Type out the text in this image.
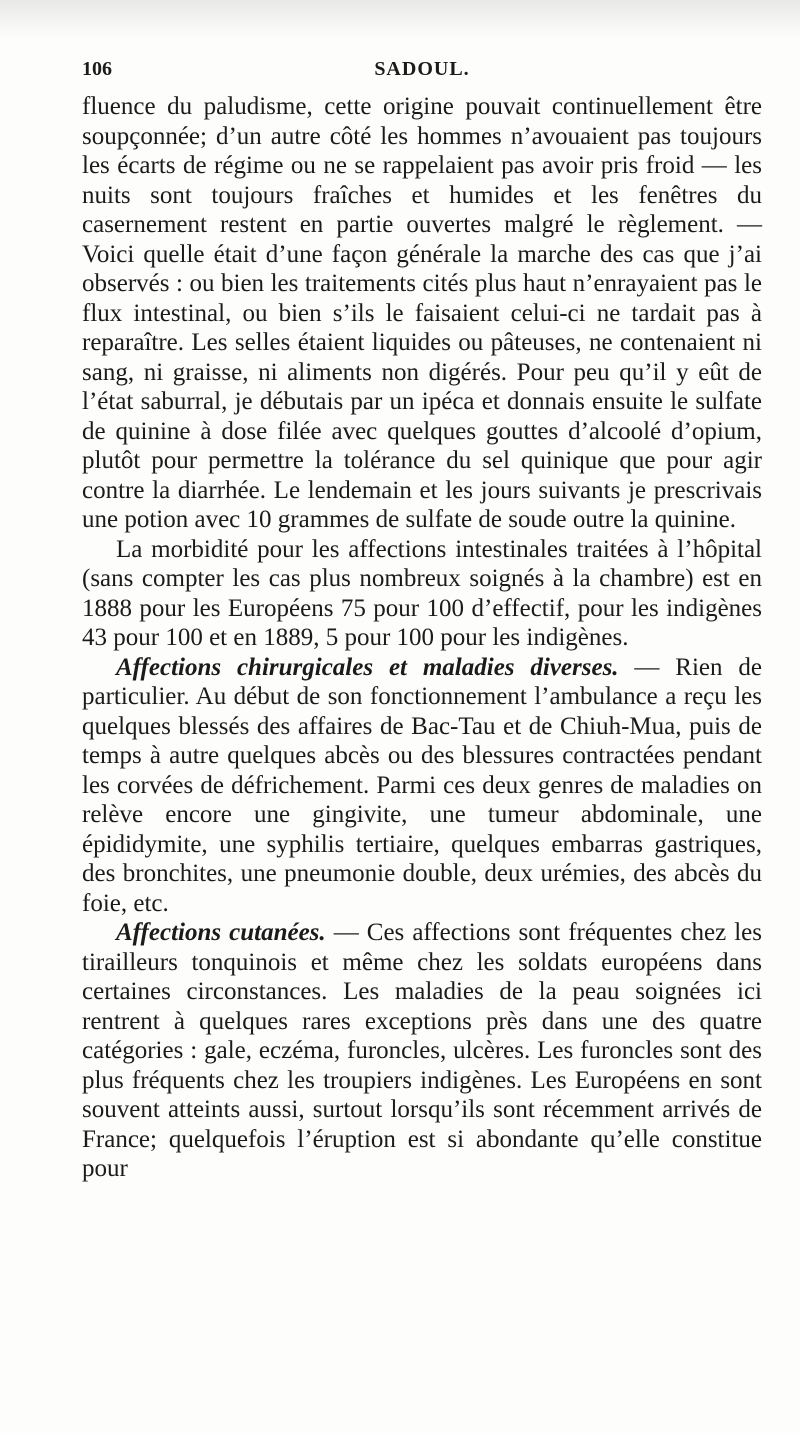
106	SADOUL.

fluence du paludisme, cette origine pouvait continuellement être soupçonnée; d’un autre côté les hommes n’avouaient pas toujours les écarts de régime ou ne se rappelaient pas avoir pris froid — les nuits sont toujours fraîches et humides et les fenêtres du casernement restent en partie ouvertes malgré le règlement. — Voici quelle était d’une façon générale la marche des cas que j’ai observés : ou bien les traitements cités plus haut n’enrayaient pas le flux intestinal, ou bien s’ils le faisaient celui-ci ne tardait pas à reparaître. Les selles étaient liquides ou pâteuses, ne contenaient ni sang, ni graisse, ni aliments non digérés. Pour peu qu’il y eût de l’état saburral, je débutais par un ipéca et donnais ensuite le sulfate de quinine à dose filée avec quelques gouttes d’alcoolé d’opium, plutôt pour permettre la tolérance du sel quinique que pour agir contre la diarrhée. Le lendemain et les jours suivants je prescrivais une potion avec 10 grammes de sulfate de soude outre la quinine.

La morbidité pour les affections intestinales traitées à l’hôpital (sans compter les cas plus nombreux soignés à la chambre) est en 1888 pour les Européens 75 pour 100 d’effectif, pour les indigènes 43 pour 100 et en 1889, 5 pour 100 pour les indigènes.

Affections chirurgicales et maladies diverses. — Rien de particulier. Au début de son fonctionnement l’ambulance a reçu les quelques blessés des affaires de Bac-Tau et de Chiuh-Mua, puis de temps à autre quelques abcès ou des blessures contractées pendant les corvées de défrichement. Parmi ces deux genres de maladies on relève encore une gingivite, une tumeur abdominale, une épididymite, une syphilis tertiaire, quelques embarras gastriques, des bronchites, une pneumonie double, deux urémies, des abcès du foie, etc.

Affections cutanées. — Ces affections sont fréquentes chez les tirailleurs tonquinois et même chez les soldats européens dans certaines circonstances. Les maladies de la peau soignées ici rentrent à quelques rares exceptions près dans une des quatre catégories : gale, eczéma, furoncles, ulcères. Les furoncles sont des plus fréquents chez les troupiers indigènes. Les Européens en sont souvent atteints aussi, surtout lorsqu’ils sont récemment arrivés de France; quelquefois l’éruption est si abondante qu’elle constitue pour
